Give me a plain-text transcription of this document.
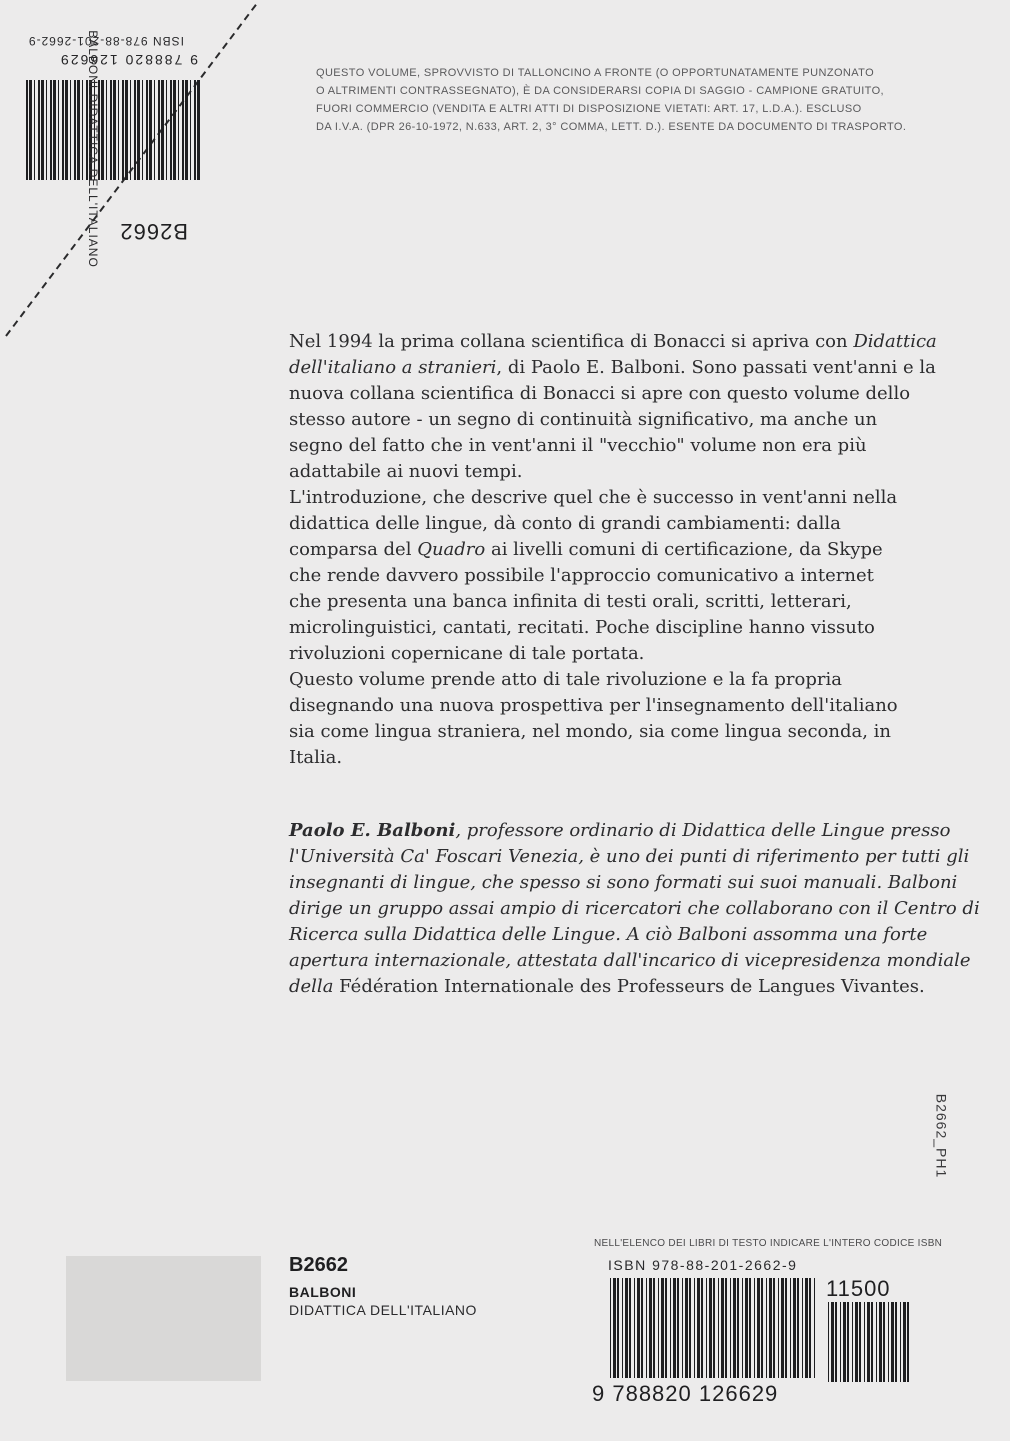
B2662
9 788820 126629
ISBN 978-88-201-2662-9
BALBONI DIDATTICA DELL'ITALIANO	QUESTO VOLUME, SPROVVISTO DI TALLONCINO A FRONTE (O OPPORTUNATAMENTE PUNZONATO
O ALTRIMENTI CONTRASSEGNATO), È DA CONSIDERARSI COPIA DI SAGGIO - CAMPIONE GRATUITO,
FUORI COMMERCIO (VENDITA E ALTRI ATTI DI DISPOSIZIONE VIETATI: ART. 17, L.D.A.). ESCLUSO
DA I.V.A. (DPR 26-10-1972, N.633, ART. 2, 3° COMMA, LETT. D.). ESENTE DA DOCUMENTO DI TRASPORTO.
Nel 1994 la prima collana scientifica di Bonacci si apriva con Didattica
dell'italiano a stranieri, di Paolo E. Balboni. Sono passati vent'anni e la
nuova collana scientifica di Bonacci si apre con questo volume dello
stesso autore - un segno di continuità significativo, ma anche un
segno del fatto che in vent'anni il "vecchio" volume non era più
adattabile ai nuovi tempi.
L'introduzione, che descrive quel che è successo in vent'anni nella
didattica delle lingue, dà conto di grandi cambiamenti: dalla
comparsa del Quadro ai livelli comuni di certificazione, da Skype
che rende davvero possibile l'approccio comunicativo a internet
che presenta una banca infinita di testi orali, scritti, letterari,
microlinguistici, cantati, recitati. Poche discipline hanno vissuto
rivoluzioni copernicane di tale portata.
Questo volume prende atto di tale rivoluzione e la fa propria
disegnando una nuova prospettiva per l'insegnamento dell'italiano
sia come lingua straniera, nel mondo, sia come lingua seconda, in
Italia.
Paolo E. Balboni, professore ordinario di Didattica delle Lingue presso
l'Università Ca' Foscari Venezia, è uno dei punti di riferimento per tutti gli
insegnanti di lingue, che spesso si sono formati sui suoi manuali. Balboni
dirige un gruppo assai ampio di ricercatori che collaborano con il Centro di
Ricerca sulla Didattica delle Lingue. A ciò Balboni assomma una forte
apertura internazionale, attestata dall'incarico di vicepresidenza mondiale
della Fédération Internationale des Professeurs de Langues Vivantes.
B2662_PH1
B2662
BALBONI
DIDATTICA DELL'ITALIANO
NELL'ELENCO DEI LIBRI DI TESTO INDICARE L'INTERO CODICE ISBN
ISBN 978-88-201-2662-9
11500
9 788820 126629
